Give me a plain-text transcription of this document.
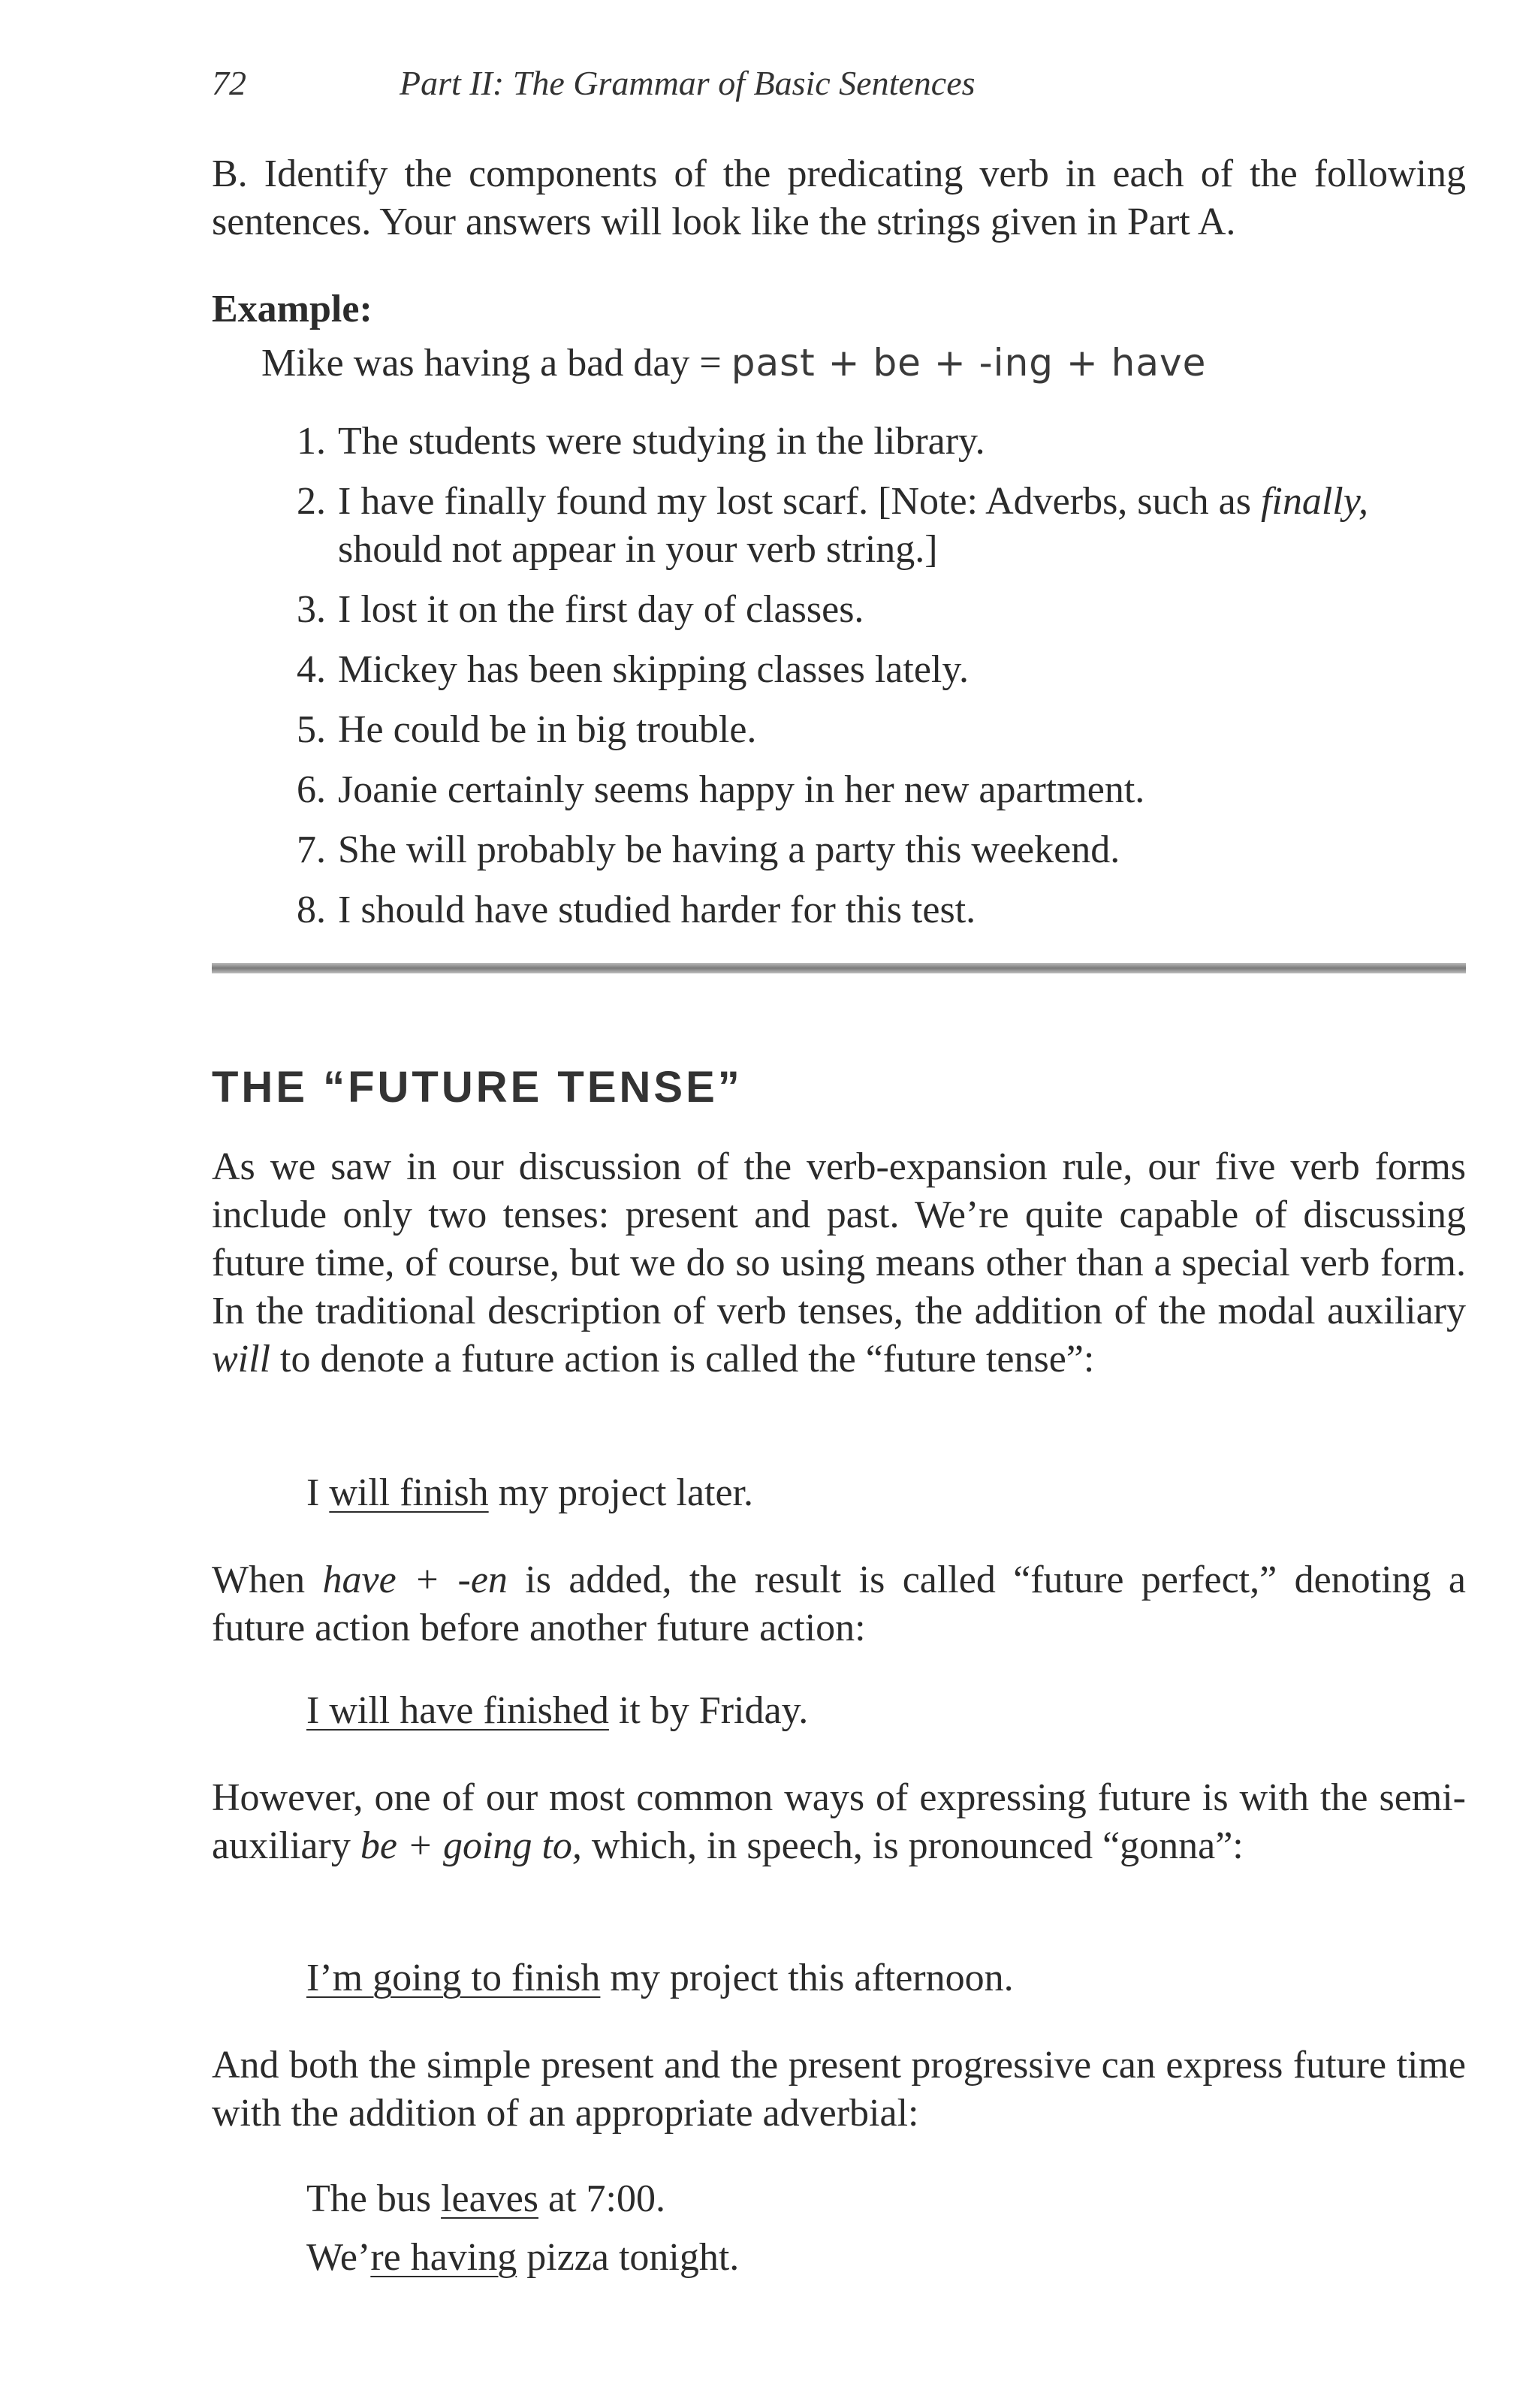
72	Part II: The Grammar of Basic Sentences

B. Identify the components of the predicating verb in each of the following sentences. Your answers will look like the strings given in Part A.

Example:
Mike was having a bad day = past + be + -ing + have
1. The students were studying in the library.
2. I have finally found my lost scarf. [Note: Adverbs, such as finally, should not appear in your verb string.]
3. I lost it on the first day of classes.
4. Mickey has been skipping classes lately.
5. He could be in big trouble.
6. Joanie certainly seems happy in her new apartment.
7. She will probably be having a party this weekend.
8. I should have studied harder for this test.
THE “FUTURE TENSE”

As we saw in our discussion of the verb-expansion rule, our five verb forms include only two tenses: present and past. We’re quite capable of discussing future time, of course, but we do so using means other than a special verb form. In the traditional description of verb tenses, the addition of the modal auxiliary will to denote a future action is called the “future tense”:

I will finish my project later.

When have + -en is added, the result is called “future perfect,” denoting a future action before another future action:

I will have finished it by Friday.

However, one of our most common ways of expressing future is with the semi-auxiliary be + going to, which, in speech, is pronounced “gonna”:

I’m going to finish my project this afternoon.

And both the simple present and the present progressive can express future time with the addition of an appropriate adverbial:

The bus leaves at 7:00.
We’re having pizza tonight.
